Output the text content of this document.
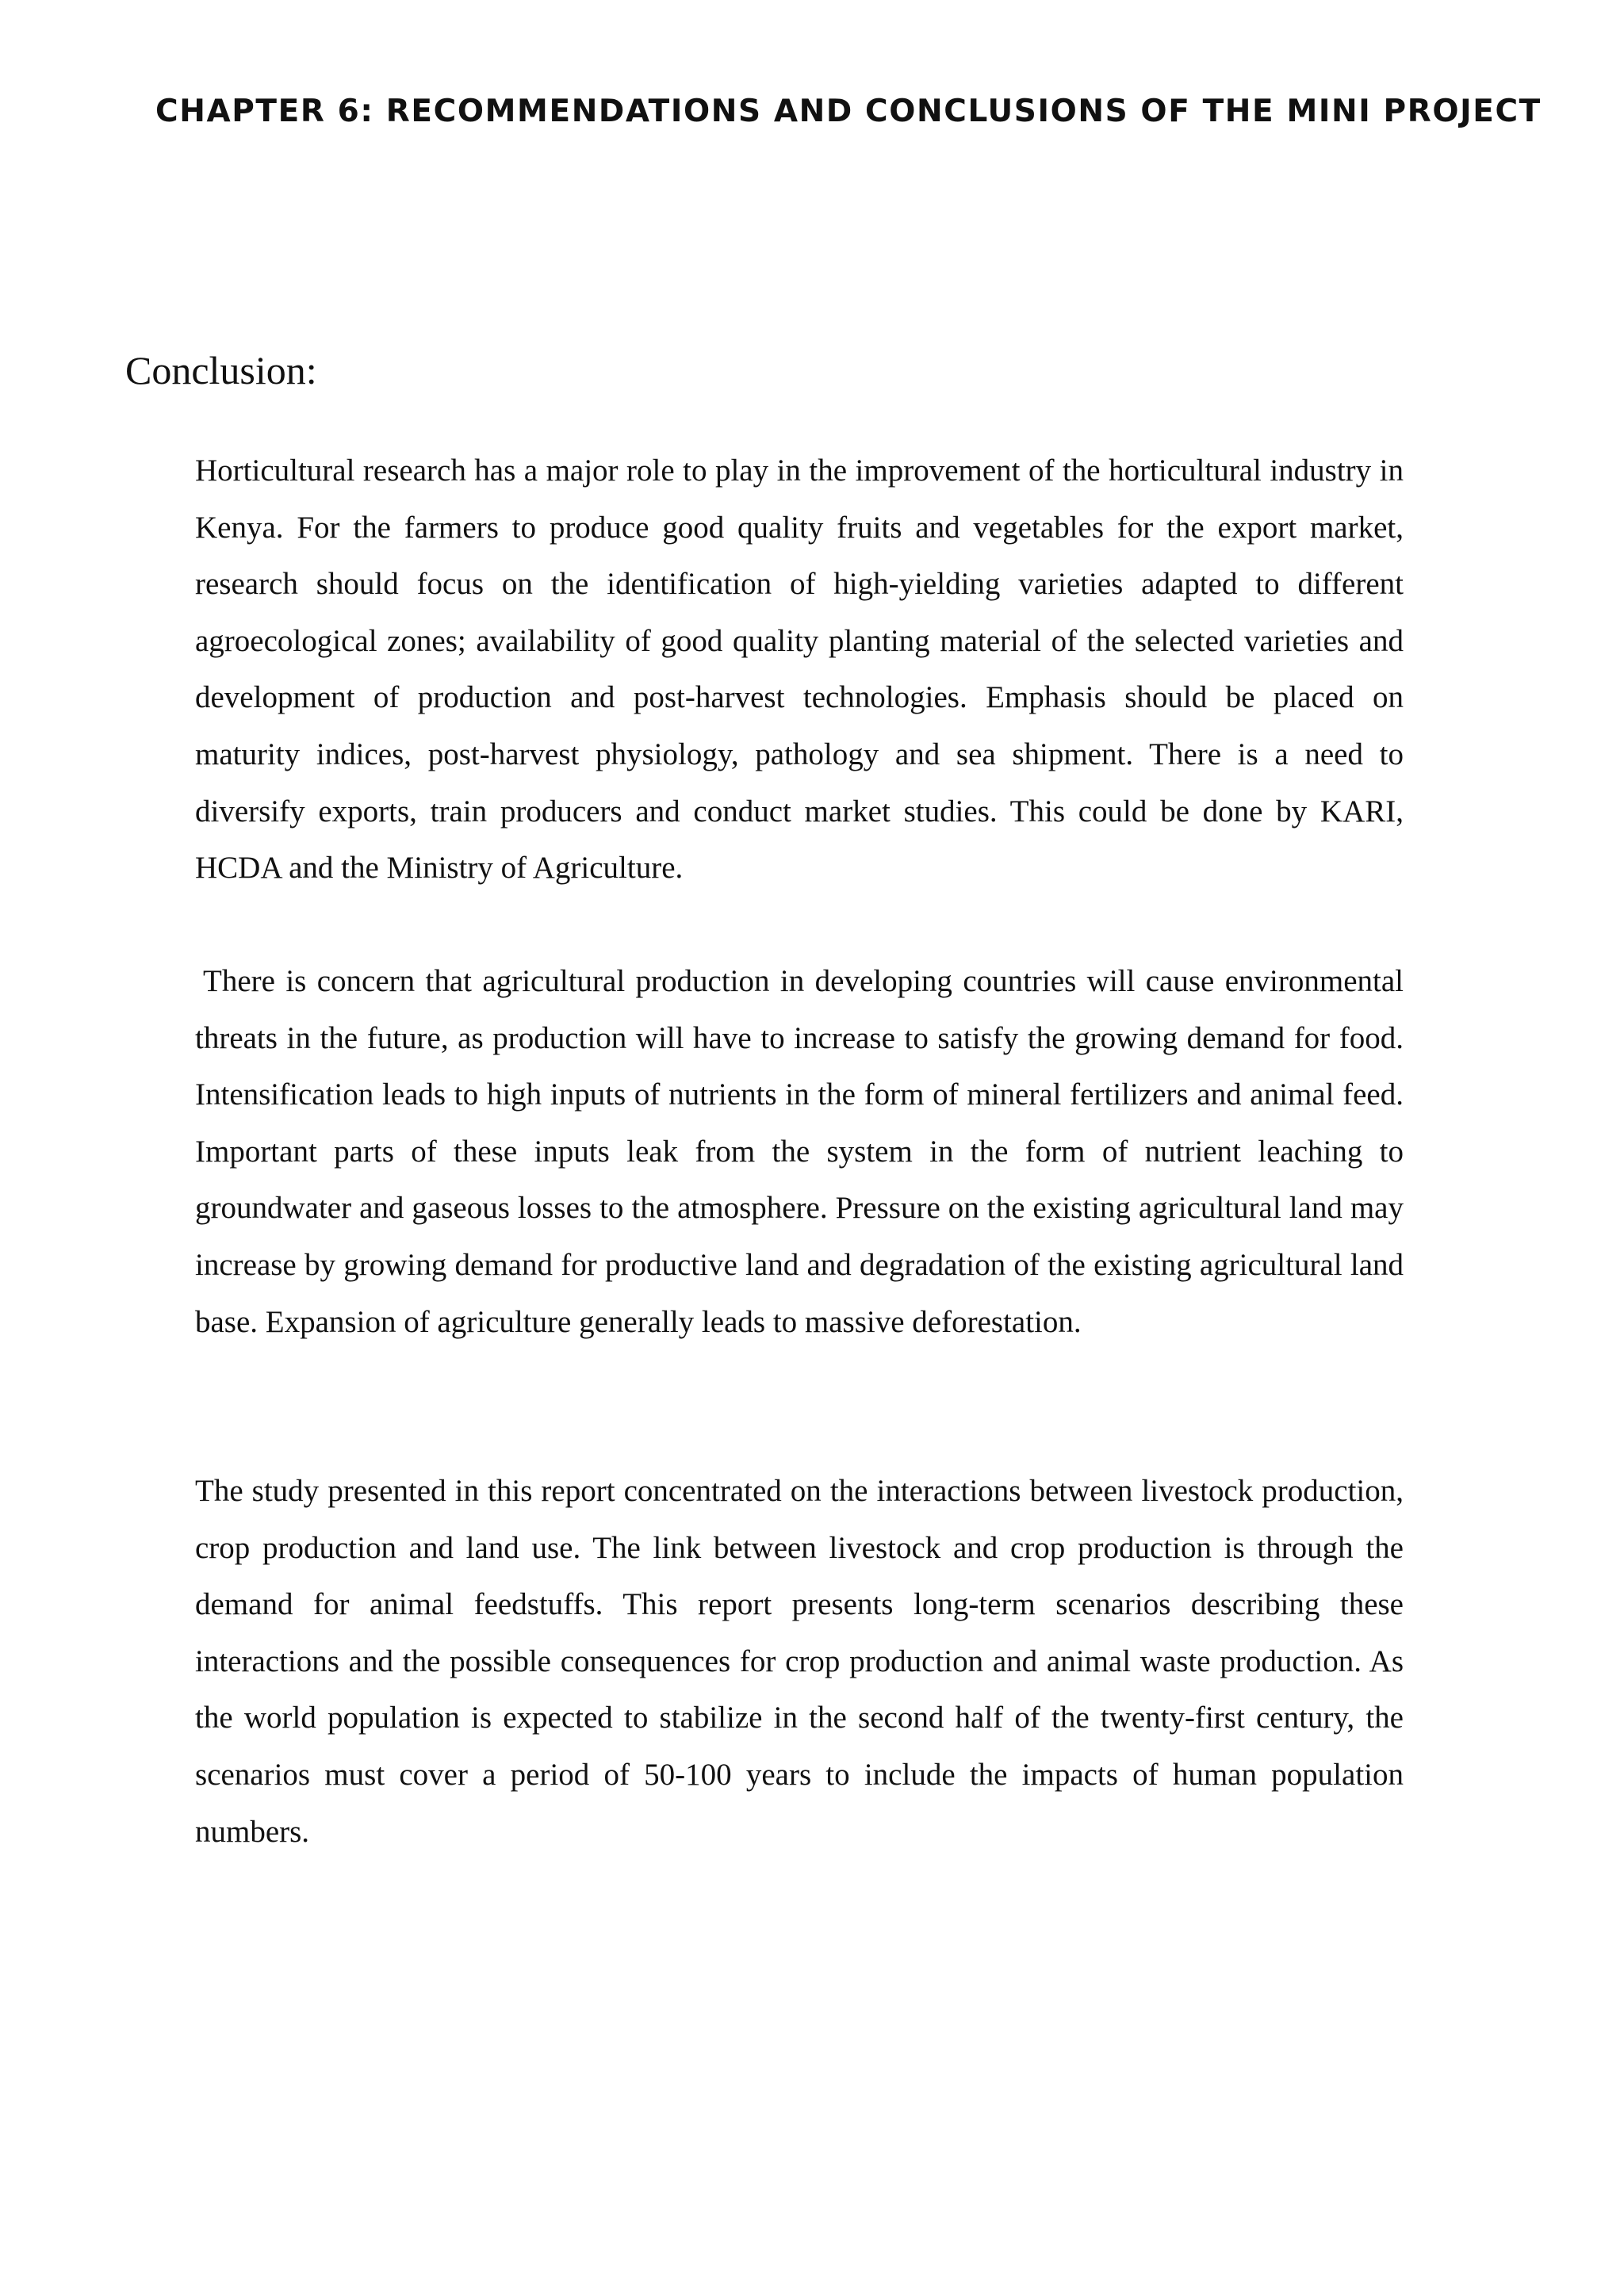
CHAPTER 6: RECOMMENDATIONS AND CONCLUSIONS OF THE MINI PROJECT
Conclusion:

Horticultural research has a major role to play in the improvement of the horticultural industry in Kenya. For the farmers to produce good quality fruits and vegetables for the export market, research should focus on the identification of high-yielding varieties adapted to different agroecological zones; availability of good quality planting material of the selected varieties and development of production and post-harvest technologies. Emphasis should be placed on maturity indices, post-harvest physiology, pathology and sea shipment. There is a need to diversify exports, train producers and conduct market studies. This could be done by KARI, HCDA and the Ministry of Agriculture.

There is concern that agricultural production in developing countries will cause environmental threats in the future, as production will have to increase to satisfy the growing demand for food. Intensification leads to high inputs of nutrients in the form of mineral fertilizers and animal feed. Important parts of these inputs leak from the system in the form of nutrient leaching to groundwater and gaseous losses to the atmosphere. Pressure on the existing agricultural land may increase by growing demand for productive land and degradation of the existing agricultural land base. Expansion of agriculture generally leads to massive deforestation.

The study presented in this report concentrated on the interactions between livestock production, crop production and land use. The link between livestock and crop production is through the demand for animal feedstuffs. This report presents long-term scenarios describing these interactions and the possible consequences for crop production and animal waste production. As the world population is expected to stabilize in the second half of the twenty-first century, the scenarios must cover a period of 50-100 years to include the impacts of human population numbers.
